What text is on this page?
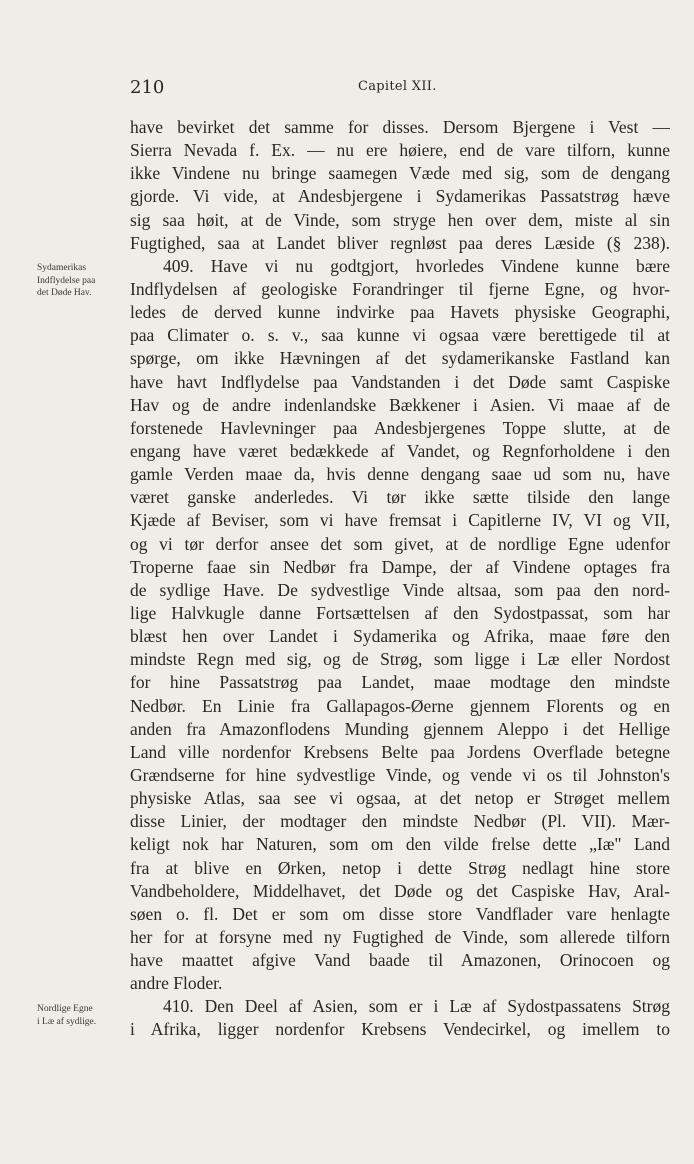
210	Capitel XII.
Sydamerikas
Indflydelse paa
det Døde Hav.
Nordlige Egne
i Læ af sydlige.
have bevirket det samme for disses. Dersom Bjergene i Vest —
Sierra Nevada f. Ex. — nu ere høiere, end de vare tilforn, kunne
ikke Vindene nu bringe saamegen Væde med sig, som de dengang
gjorde. Vi vide, at Andesbjergene i Sydamerikas Passatstrøg hæve
sig saa høit, at de Vinde, som stryge hen over dem, miste al sin
Fugtighed, saa at Landet bliver regnløst paa deres Læside (§ 238).
409. Have vi nu godtgjort, hvorledes Vindene kunne bære
Indflydelsen af geologiske Forandringer til fjerne Egne, og hvor-
ledes de derved kunne indvirke paa Havets physiske Geographi,
paa Climater o. s. v., saa kunne vi ogsaa være berettigede til at
spørge, om ikke Hævningen af det sydamerikanske Fastland kan
have havt Indflydelse paa Vandstanden i det Døde samt Caspiske
Hav og de andre indenlandske Bækkener i Asien. Vi maae af de
forstenede Havlevninger paa Andesbjergenes Toppe slutte, at de
engang have været bedækkede af Vandet, og Regnforholdene i den
gamle Verden maae da, hvis denne dengang saae ud som nu, have
været ganske anderledes. Vi tør ikke sætte tilside den lange
Kjæde af Beviser, som vi have fremsat i Capitlerne IV, VI og VII,
og vi tør derfor ansee det som givet, at de nordlige Egne udenfor
Troperne faae sin Nedbør fra Dampe, der af Vindene optages fra
de sydlige Have. De sydvestlige Vinde altsaa, som paa den nord-
lige Halvkugle danne Fortsættelsen af den Sydostpassat, som har
blæst hen over Landet i Sydamerika og Afrika, maae føre den
mindste Regn med sig, og de Strøg, som ligge i Læ eller Nordost
for hine Passatstrøg paa Landet, maae modtage den mindste
Nedbør. En Linie fra Gallapagos-Øerne gjennem Florents og en
anden fra Amazonflodens Munding gjennem Aleppo i det Hellige
Land ville nordenfor Krebsens Belte paa Jordens Overflade betegne
Grændserne for hine sydvestlige Vinde, og vende vi os til Johnston's
physiske Atlas, saa see vi ogsaa, at det netop er Strøget mellem
disse Linier, der modtager den mindste Nedbør (Pl. VII). Mær-
keligt nok har Naturen, som om den vilde frelse dette „Iæ" Land
fra at blive en Ørken, netop i dette Strøg nedlagt hine store
Vandbeholdere, Middelhavet, det Døde og det Caspiske Hav, Aral-
søen o. fl. Det er som om disse store Vandflader vare henlagte
her for at forsyne med ny Fugtighed de Vinde, som allerede tilforn
have maattet afgive Vand baade til Amazonen, Orinocoen og
andre Floder.
410. Den Deel af Asien, som er i Læ af Sydostpassatens Strøg
i Afrika, ligger nordenfor Krebsens Vendecirkel, og imellem to
